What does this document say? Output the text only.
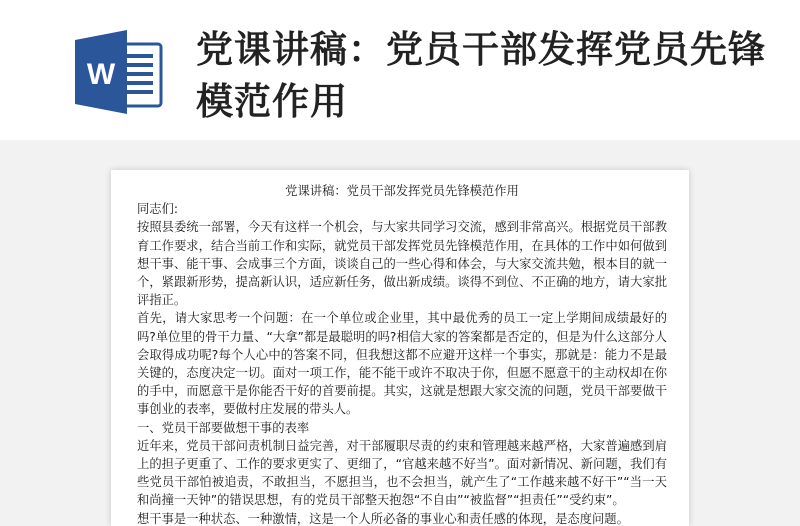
W
党课讲稿：党员干部发挥党员先锋模范作用
党课讲稿：党员干部发挥党员先锋模范作用

同志们:

按照县委统一部署，今天有这样一个机会，与大家共同学习交流，感到非常高兴。根据党员干部教育工作要求，结合当前工作和实际，就党员干部发挥党员先锋模范作用，在具体的工作中如何做到想干事、能干事、会成事三个方面，谈谈自己的一些心得和体会，与大家交流共勉，根本目的就一个，紧跟新形势，提高新认识，适应新任务，做出新成绩。谈得不到位、不正确的地方，请大家批评指正。

首先，请大家思考一个问题：在一个单位或企业里，其中最优秀的员工一定上学期间成绩最好的吗?单位里的骨干力量、“大拿”都是最聪明的吗?相信大家的答案都是否定的，但是为什么这部分人会取得成功呢?每个人心中的答案不同，但我想这都不应避开这样一个事实，那就是：能力不是最关键的，态度决定一切。面对一项工作，能不能干或许不取决于你，但愿不愿意干的主动权却在你的手中，而愿意干是你能否干好的首要前提。其实，这就是想跟大家交流的问题，党员干部要做干事创业的表率，要做村庄发展的带头人。

一、党员干部要做想干事的表率

近年来，党员干部问责机制日益完善，对干部履职尽责的约束和管理越来越严格，大家普遍感到肩上的担子更重了、工作的要求更实了、更细了，“官越来越不好当”。面对新情况、新问题，我们有些党员干部怕被追责，不敢担当，不愿担当，也不会担当，就产生了“工作越来越不好干”“当一天和尚撞一天钟”的错误思想，有的党员干部整天抱怨“不自由”“被监督”“担责任”“受约束”。

想干事是一种状态、一种激情，这是一个人所必备的事业心和责任感的体现，是态度问题。
